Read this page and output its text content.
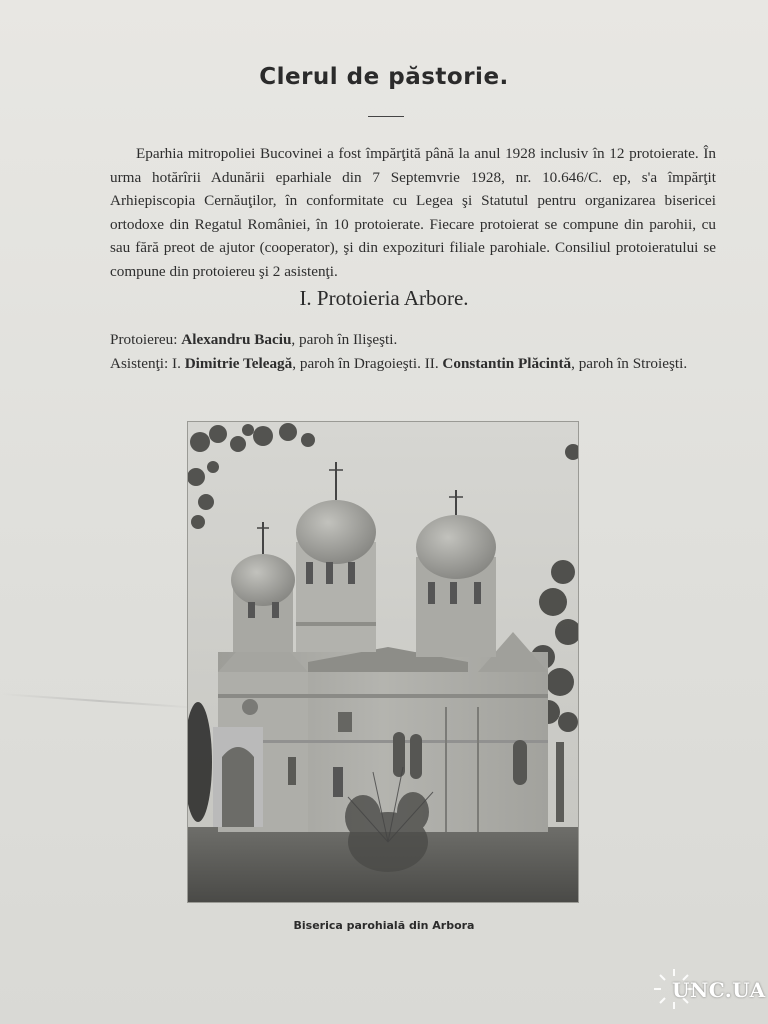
Clerul de păstorie.
Eparhia mitropoliei Bucovinei a fost împărţită până la anul 1928 inclusiv în 12 protoierate. În urma hotărîrii Adunării eparhiale din 7 Septemvrie 1928, nr. 10.646/C. ep, s'a împărţit Arhiepiscopia Cernăuţilor, în conformitate cu Legea şi Statutul pentru organizarea bisericei ortodoxe din Regatul României, în 10 protoierate. Fiecare protoierat se compune din parohii, cu sau fără preot de ajutor (cooperator), şi din expozituri filiale parohiale. Consiliul protoieratului se compune din protoiereu şi 2 asistenţi.
I. Protoieria Arbore.
Protoiereu: Alexandru Baciu, paroh în Ilişeşti.
Asistenţi: I. Dimitrie Teleagă, paroh în Dragoieşti. II. Constantin Plăcintă, paroh în Stroieşti.
Biserica parohială din Arbora
UNC.UA
